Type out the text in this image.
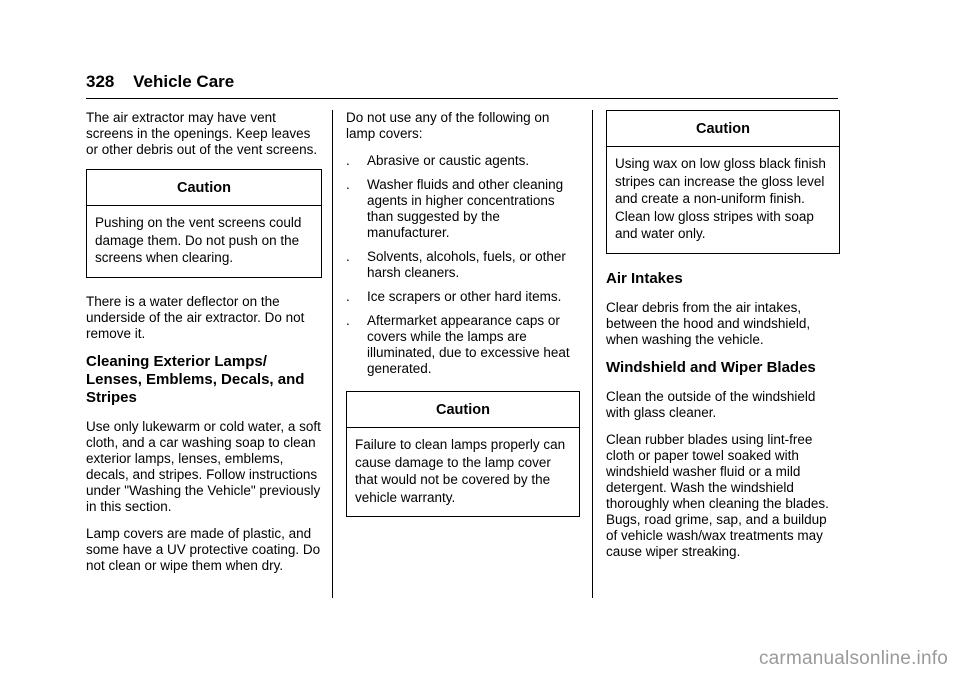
328 Vehicle Care

The air extractor may have vent screens in the openings. Keep leaves or other debris out of the vent screens.

Caution
Pushing on the vent screens could damage them. Do not push on the screens when clearing.

There is a water deflector on the underside of the air extractor. Do not remove it.

Cleaning Exterior Lamps/ Lenses, Emblems, Decals, and Stripes

Use only lukewarm or cold water, a soft cloth, and a car washing soap to clean exterior lamps, lenses, emblems, decals, and stripes. Follow instructions under "Washing the Vehicle" previously in this section.

Lamp covers are made of plastic, and some have a UV protective coating. Do not clean or wipe them when dry.

Do not use any of the following on lamp covers:

. Abrasive or caustic agents.
. Washer fluids and other cleaning agents in higher concentrations than suggested by the manufacturer.
. Solvents, alcohols, fuels, or other harsh cleaners.
. Ice scrapers or other hard items.
. Aftermarket appearance caps or covers while the lamps are illuminated, due to excessive heat generated.
Caution
Failure to clean lamps properly can cause damage to the lamp cover that would not be covered by the vehicle warranty.
Caution
Using wax on low gloss black finish stripes can increase the gloss level and create a non-uniform finish. Clean low gloss stripes with soap and water only.
Air Intakes

Clear debris from the air intakes, between the hood and windshield, when washing the vehicle.

Windshield and Wiper Blades

Clean the outside of the windshield with glass cleaner.

Clean rubber blades using lint-free cloth or paper towel soaked with windshield washer fluid or a mild detergent. Wash the windshield thoroughly when cleaning the blades. Bugs, road grime, sap, and a buildup of vehicle wash/wax treatments may cause wiper streaking.

carmanualsonline.info
